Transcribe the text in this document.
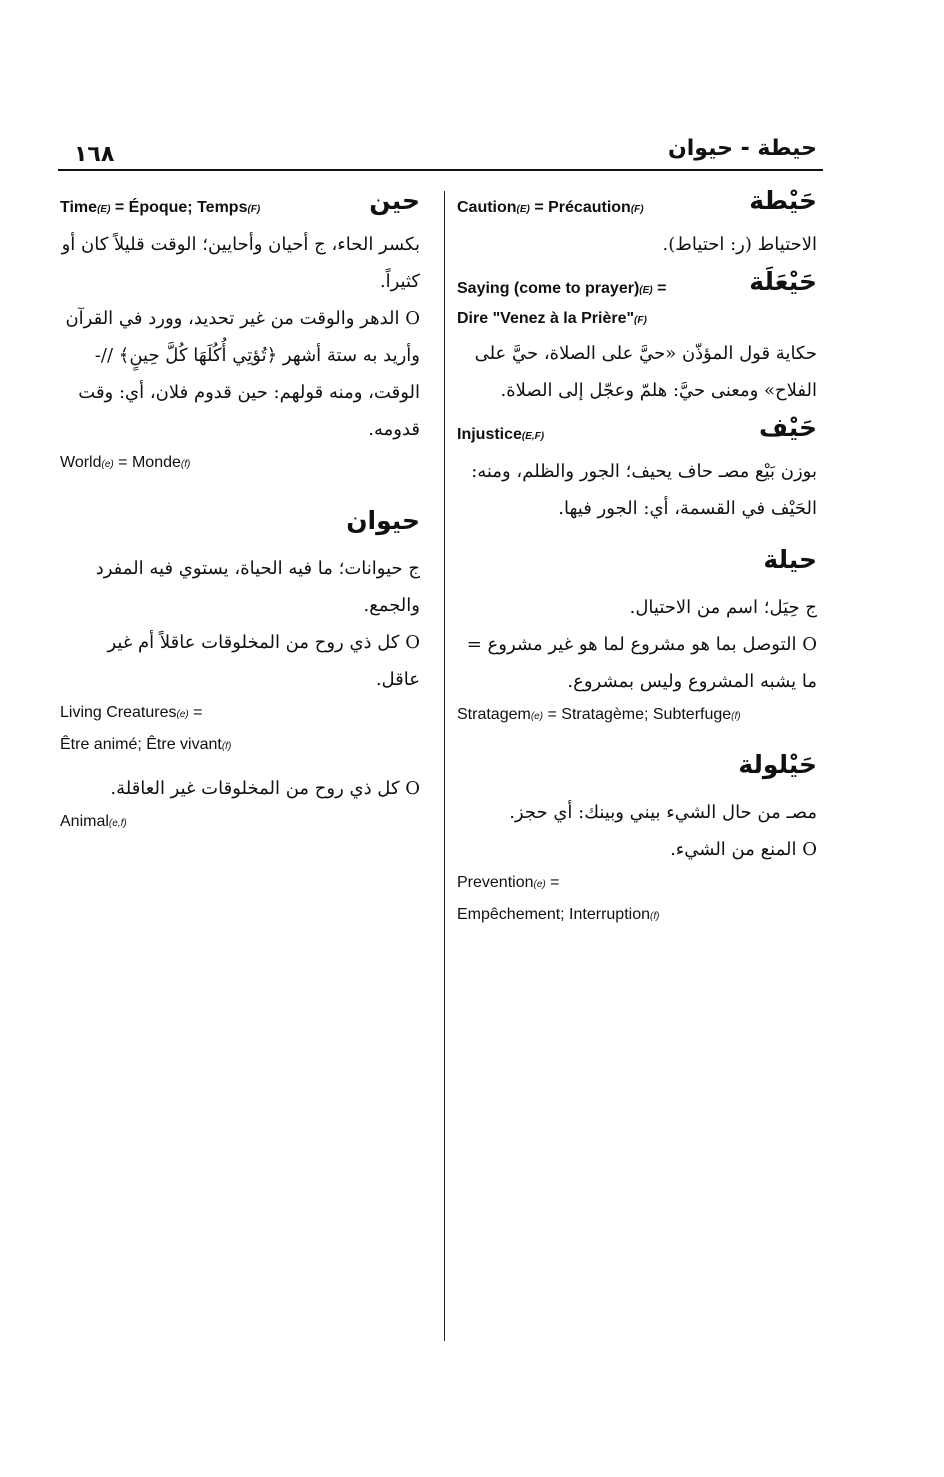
١٦٨	حيطة - حيوان
حين
Time(E) = Époque; Temps(F)
بكسر الحاء، ج أحيان وأحايين؛ الوقت قليلاً كان أو كثيراً.
O الدهر والوقت من غير تحديد، وورد في القرآن وأريد به ستة أشهر ﴿تُؤتِي أُكُلَهَا كُلَّ حِينٍ﴾ //- الوقت، ومنه قولهم: حين قدوم فلان، أي: وقت قدومه.
World(e) = Monde(f)
حيوان
ج حيوانات؛ ما فيه الحياة، يستوي فيه المفرد والجمع.
O كل ذي روح من المخلوقات عاقلاً أم غير عاقل.
Living Creatures(e) =
Être animé; Être vivant(f)
O كل ذي روح من المخلوقات غير العاقلة.
Animal(e,f)
حَيْطة
Caution(E) = Précaution(F)
الاحتياط (ر: احتياط).
حَيْعَلَة
Saying (come to prayer)(E) =
Dire "Venez à la Prière"(F)
حكاية قول المؤذّن «حيَّ على الصلاة، حيَّ على الفلاح» ومعنى حيَّ: هلمّ وعجّل إلى الصلاة.
حَيْف
Injustice(E,F)
بوزن بَيْع مصـ حاف يحيف؛ الجور والظلم، ومنه: الحَيْف في القسمة، أي: الجور فيها.
حيلة
ج حِيَل؛ اسم من الاحتيال.
O التوصل بما هو مشروع لما هو غير مشروع = ما يشبه المشروع وليس بمشروع.
Stratagem(e) = Stratagème; Subterfuge(f)
حَيْلولة
مصـ من حال الشيء بيني وبينك: أي حجز.
O المنع من الشيء.
Prevention(e) =
Empêchement; Interruption(f)
